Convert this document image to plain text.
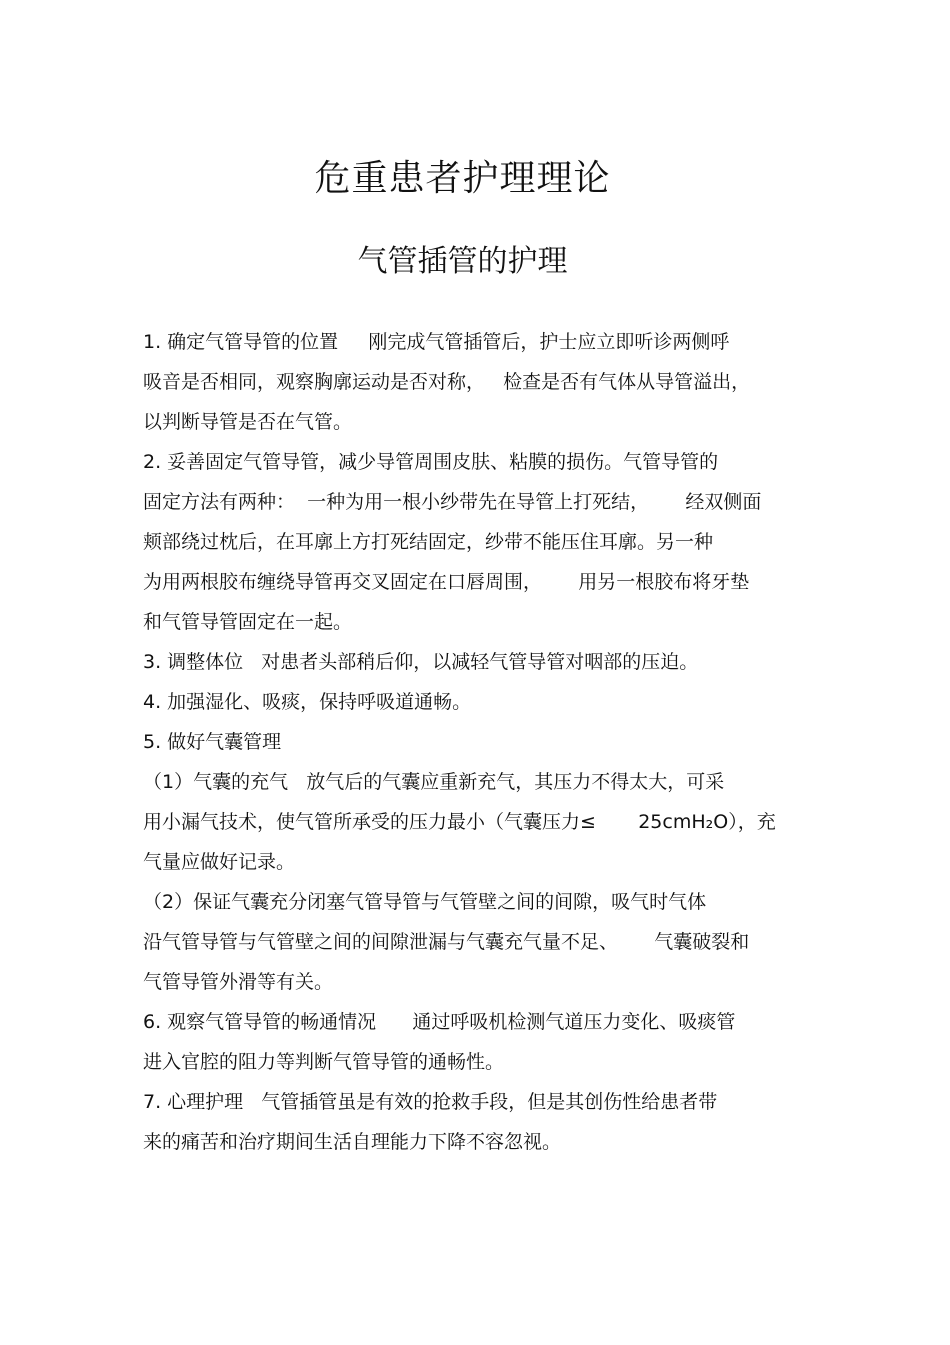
危重患者护理理论
气管插管的护理
1. 确定气管导管的位置     刚完成气管插管后，护士应立即听诊两侧呼
吸音是否相同，观察胸廓运动是否对称，   检查是否有气体从导管溢出，
以判断导管是否在气管。
2. 妥善固定气管导管，减少导管周围皮肤、粘膜的损伤。气管导管的
固定方法有两种：  一种为用一根小纱带先在导管上打死结，      经双侧面
颊部绕过枕后，在耳廓上方打死结固定，纱带不能压住耳廓。另一种
为用两根胶布缠绕导管再交叉固定在口唇周围，      用另一根胶布将牙垫
和气管导管固定在一起。
3. 调整体位   对患者头部稍后仰，以减轻气管导管对咽部的压迫。
4. 加强湿化、吸痰，保持呼吸道通畅。
5. 做好气囊管理
（1）气囊的充气   放气后的气囊应重新充气，其压力不得太大，可采
用小漏气技术，使气管所承受的压力最小（气囊压力≤       25cmH₂O），充
气量应做好记录。
（2）保证气囊充分闭塞气管导管与气管壁之间的间隙，吸气时气体
沿气管导管与气管壁之间的间隙泄漏与气囊充气量不足、      气囊破裂和
气管导管外滑等有关。
6. 观察气管导管的畅通情况      通过呼吸机检测气道压力变化、吸痰管
进入官腔的阻力等判断气管导管的通畅性。
7. 心理护理   气管插管虽是有效的抢救手段，但是其创伤性给患者带
来的痛苦和治疗期间生活自理能力下降不容忽视。
